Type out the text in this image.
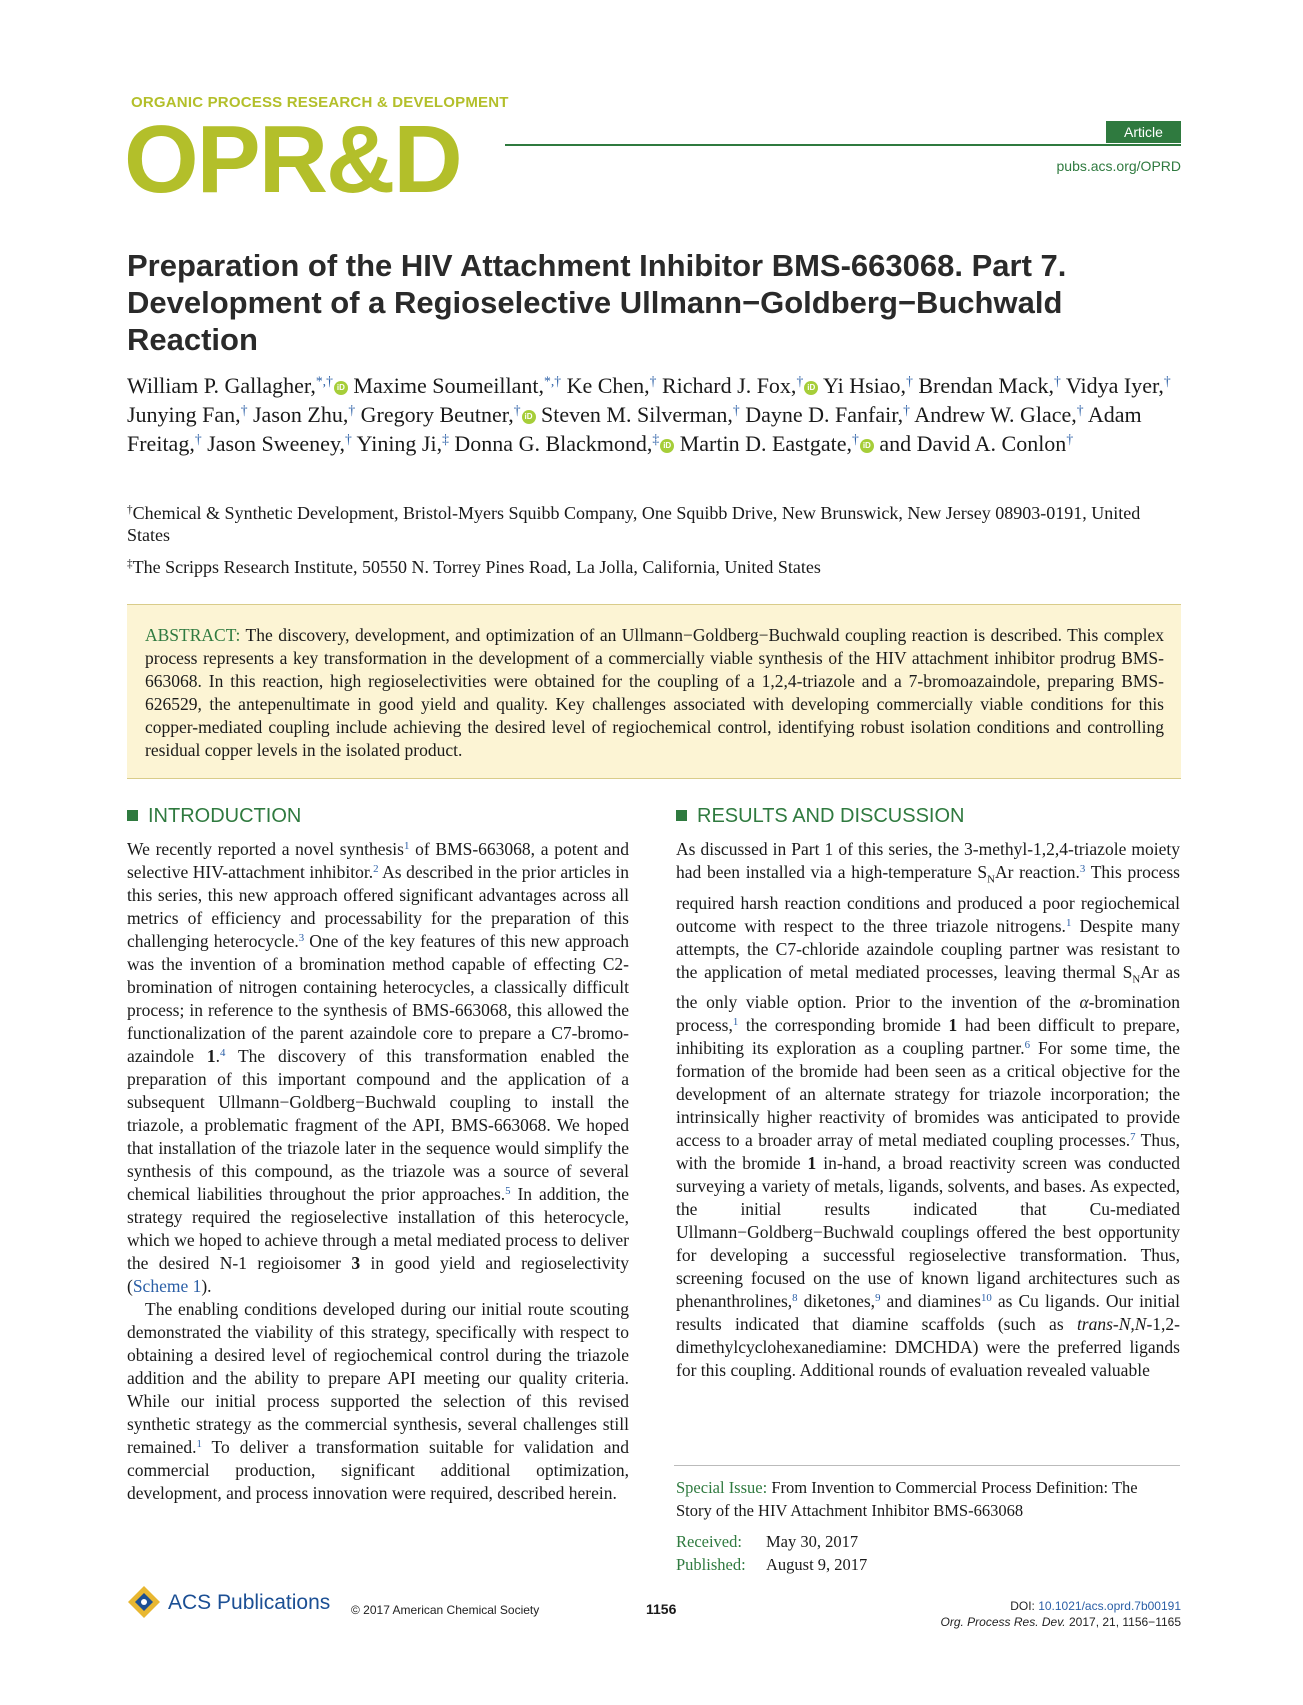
ORGANIC PROCESS RESEARCH & DEVELOPMENT
OPR&D	Article
pubs.acs.org/OPRD
Preparation of the HIV Attachment Inhibitor BMS-663068. Part 7. Development of a Regioselective Ullmann−Goldberg−Buchwald Reaction
William P. Gallagher,*,† iD Maxime Soumeillant,*,† Ke Chen,† Richard J. Fox,† iD Yi Hsiao,† Brendan Mack,† Vidya Iyer,† Junying Fan,† Jason Zhu,† Gregory Beutner,† iD Steven M. Silverman,† Dayne D. Fanfair,† Andrew W. Glace,† Adam Freitag,† Jason Sweeney,† Yining Ji,‡ Donna G. Blackmond,‡ iD Martin D. Eastgate,† iD and David A. Conlon†
†Chemical & Synthetic Development, Bristol-Myers Squibb Company, One Squibb Drive, New Brunswick, New Jersey 08903-0191, United States
‡The Scripps Research Institute, 50550 N. Torrey Pines Road, La Jolla, California, United States
ABSTRACT: The discovery, development, and optimization of an Ullmann−Goldberg−Buchwald coupling reaction is described. This complex process represents a key transformation in the development of a commercially viable synthesis of the HIV attachment inhibitor prodrug BMS-663068. In this reaction, high regioselectivities were obtained for the coupling of a 1,2,4-triazole and a 7-bromoazaindole, preparing BMS-626529, the antepenultimate in good yield and quality. Key challenges associated with developing commercially viable conditions for this copper-mediated coupling include achieving the desired level of regiochemical control, identifying robust isolation conditions and controlling residual copper levels in the isolated product.
INTRODUCTION

We recently reported a novel synthesis$^1$ of BMS-663068, a potent and selective HIV-attachment inhibitor.$^2$ As described in the prior articles in this series, this new approach offered significant advantages across all metrics of efficiency and processability for the preparation of this challenging heterocycle.$^3$ One of the key features of this new approach was the invention of a bromination method capable of effecting C2-bromination of nitrogen containing heterocycles, a classically difficult process; in reference to the synthesis of BMS-663068, this allowed the functionalization of the parent azaindole core to prepare a C7-bromo-azaindole 1.$^4$ The discovery of this transformation enabled the preparation of this important compound and the application of a subsequent Ullmann−Goldberg−Buchwald coupling to install the triazole, a problematic fragment of the API, BMS-663068. We hoped that installation of the triazole later in the sequence would simplify the synthesis of this compound, as the triazole was a source of several chemical liabilities throughout the prior approaches.$^5$ In addition, the strategy required the regioselective installation of this heterocycle, which we hoped to achieve through a metal mediated process to deliver the desired N-1 regioisomer 3 in good yield and regioselectivity (Scheme 1).

The enabling conditions developed during our initial route scouting demonstrated the viability of this strategy, specifically with respect to obtaining a desired level of regiochemical control during the triazole addition and the ability to prepare API meeting our quality criteria. While our initial process supported the selection of this revised synthetic strategy as the commercial synthesis, several challenges still remained.$^1$ To deliver a transformation suitable for validation and commercial production, significant additional optimization, development, and process innovation were required, described herein.

RESULTS AND DISCUSSION

As discussed in Part 1 of this series, the 3-methyl-1,2,4-triazole moiety had been installed via a high-temperature $S_NAr$ reaction.$^3$ This process required harsh reaction conditions and produced a poor regiochemical outcome with respect to the three triazole nitrogens.$^1$ Despite many attempts, the C7-chloride azaindole coupling partner was resistant to the application of metal mediated processes, leaving thermal $S_NAr$ as the only viable option. Prior to the invention of the α-bromination process,$^1$ the corresponding bromide 1 had been difficult to prepare, inhibiting its exploration as a coupling partner.$^6$ For some time, the formation of the bromide had been seen as a critical objective for the development of an alternate strategy for triazole incorporation; the intrinsically higher reactivity of bromides was anticipated to provide access to a broader array of metal mediated coupling processes.$^7$ Thus, with the bromide 1 in-hand, a broad reactivity screen was conducted surveying a variety of metals, ligands, solvents, and bases. As expected, the initial results indicated that Cu-mediated Ullmann−Goldberg−Buchwald couplings offered the best opportunity for developing a successful regioselective transformation. Thus, screening focused on the use of known ligand architectures such as phenanthrolines,$^8$ diketones,$^9$ and diamines$^{10}$ as Cu ligands. Our initial results indicated that diamine scaffolds (such as trans-N,N-1,2-dimethylcyclohexanediamine: DMCHDA) were the preferred ligands for this coupling. Additional rounds of evaluation revealed valuable

Special Issue: From Invention to Commercial Process Definition: The Story of the HIV Attachment Inhibitor BMS-663068
Received: May 30, 2017
Published: August 9, 2017
ACS Publications © 2017 American Chemical Society	1156	DOI: 10.1021/acs.oprd.7b00191
Org. Process Res. Dev. 2017, 21, 1156−1165
